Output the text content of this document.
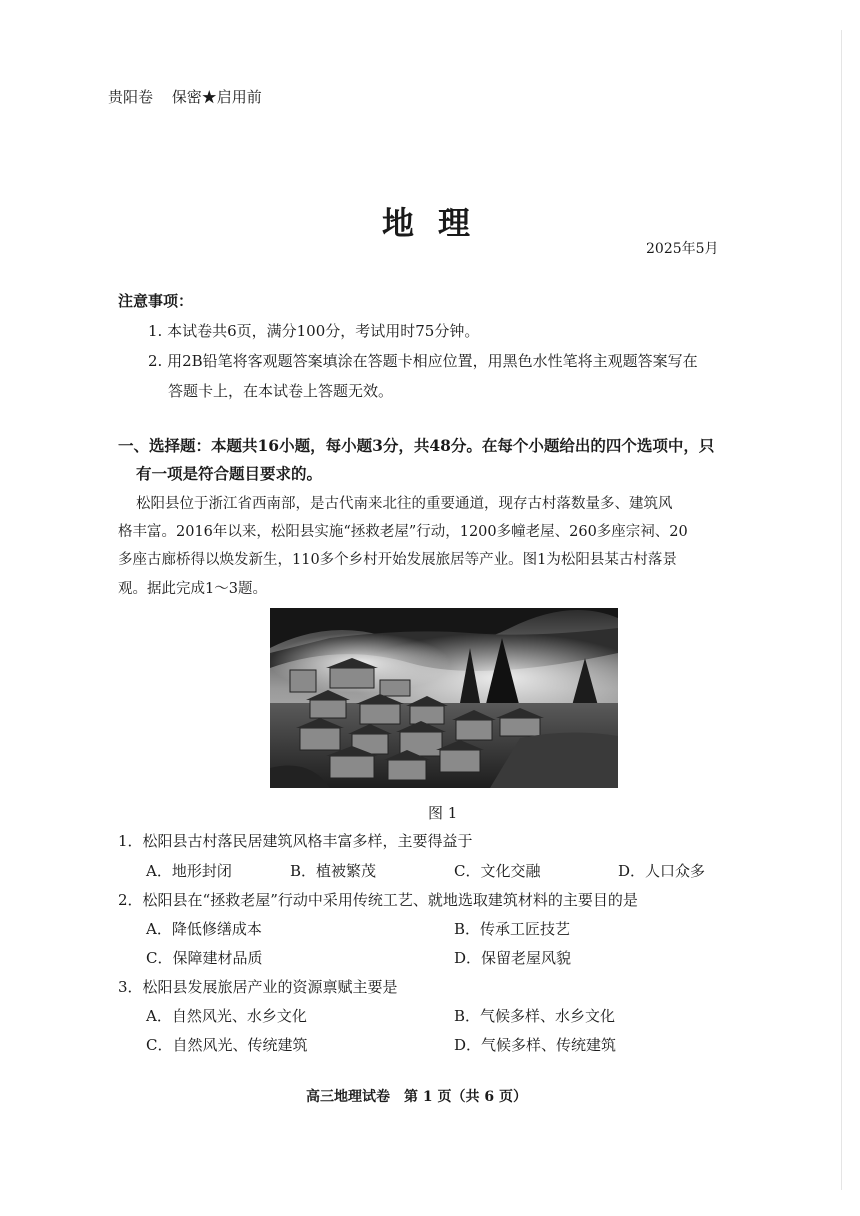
贵阳卷 保密★启用前
地理
2025年5月
注意事项：
1. 本试卷共6页，满分100分，考试用时75分钟。
2. 用2B铅笔将客观题答案填涂在答题卡相应位置，用黑色水性笔将主观题答案写在
答题卡上，在本试卷上答题无效。
一、选择题：本题共16小题，每小题3分，共48分。在每个小题给出的四个选项中，只
有一项是符合题目要求的。
松阳县位于浙江省西南部，是古代南来北往的重要通道，现存古村落数量多、建筑风
格丰富。2016年以来，松阳县实施“拯救老屋”行动，1200多幢老屋、260多座宗祠、20
多座古廊桥得以焕发新生，110多个乡村开始发展旅居等产业。图1为松阳县某古村落景
观。据此完成1～3题。
图 1
1．松阳县古村落民居建筑风格丰富多样，主要得益于
A．地形封闭	B．植被繁茂	C．文化交融	D．人口众多
2．松阳县在“拯救老屋”行动中采用传统工艺、就地选取建筑材料的主要目的是
A．降低修缮成本	B．传承工匠技艺
C．保障建材品质	D．保留老屋风貌
3．松阳县发展旅居产业的资源禀赋主要是
A．自然风光、水乡文化	B．气候多样、水乡文化
C．自然风光、传统建筑	D．气候多样、传统建筑
高三地理试卷　第 1 页（共 6 页）
